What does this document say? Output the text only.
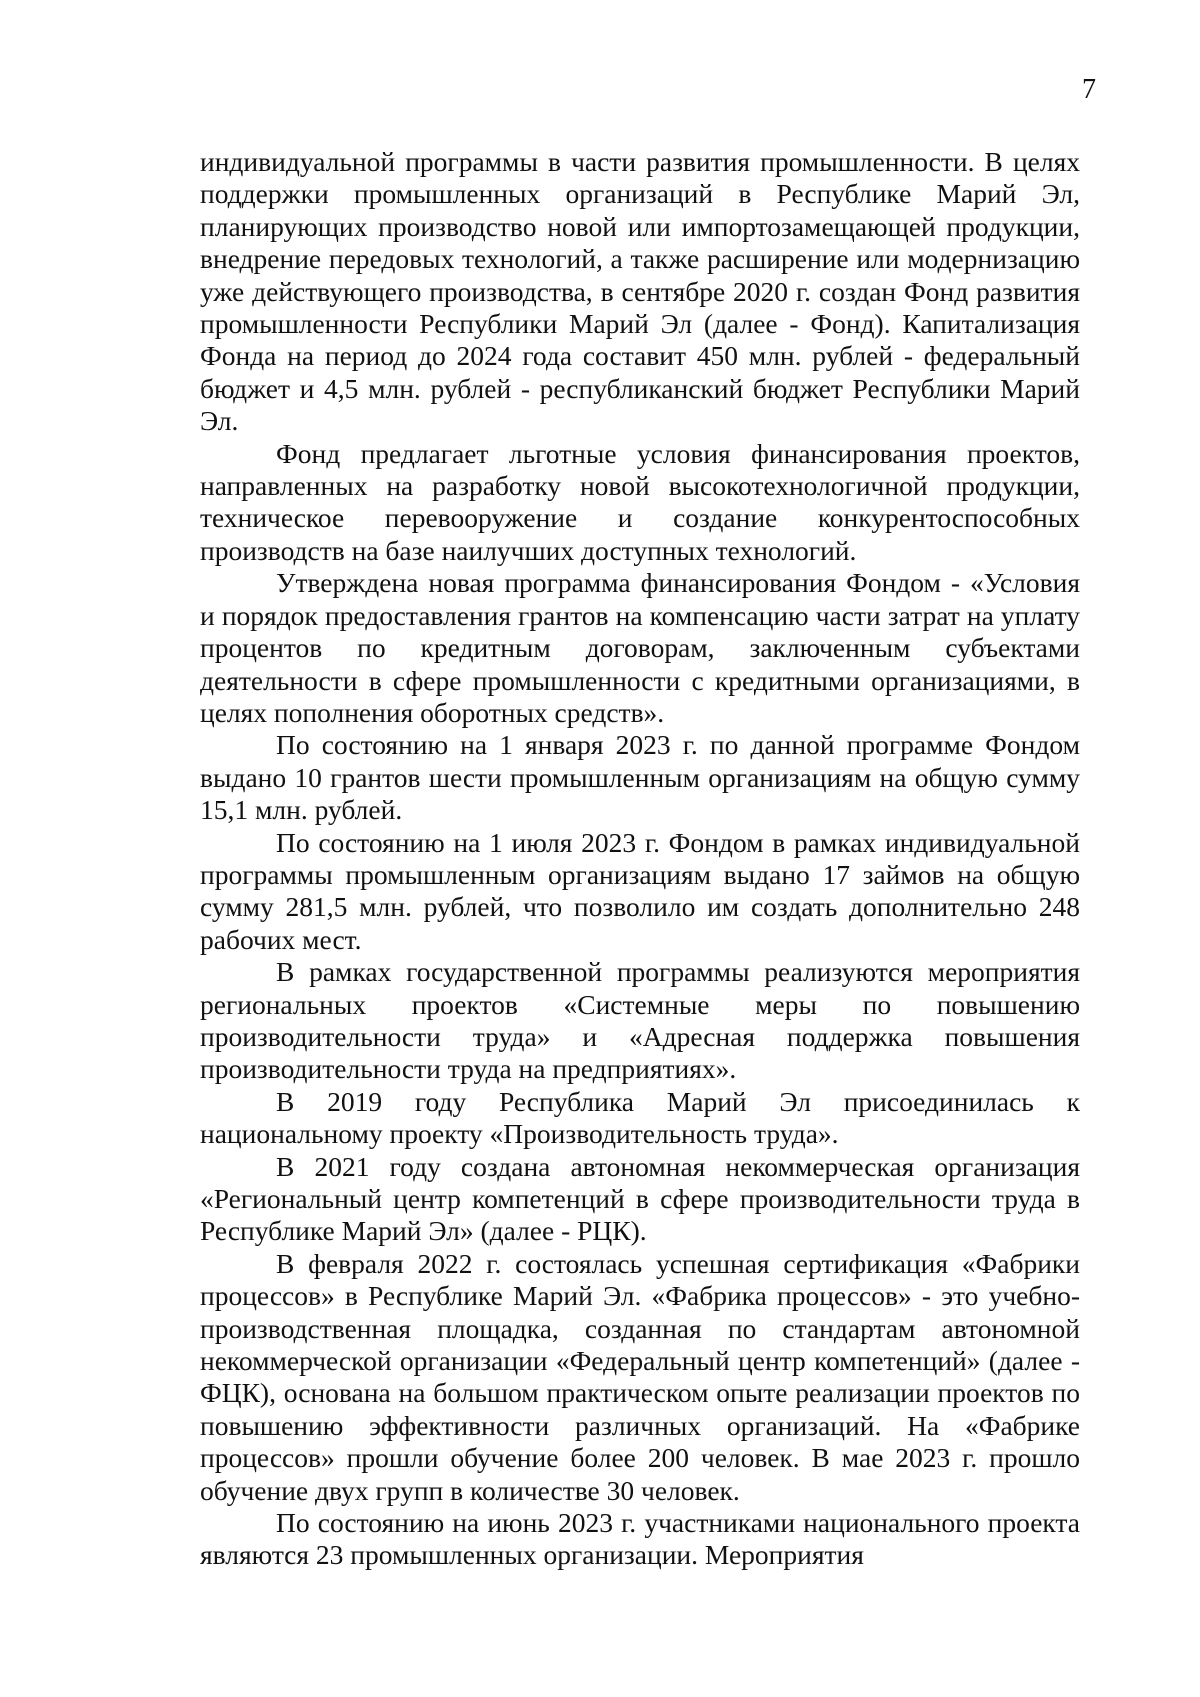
7

индивидуальной программы в части развития промышленности. В целях поддержки промышленных организаций в Республике Марий Эл, планирующих производство новой или импортозамещающей продукции, внедрение передовых технологий, а также расширение или модернизацию уже действующего производства, в сентябре 2020 г. создан Фонд развития промышленности Республики Марий Эл (далее - Фонд). Капитализация Фонда на период до 2024 года составит 450 млн. рублей - федеральный бюджет и 4,5 млн. рублей - республиканский бюджет Республики Марий Эл.

Фонд предлагает льготные условия финансирования проектов, направленных на разработку новой высокотехнологичной продукции, техническое перевооружение и создание конкурентоспособных производств на базе наилучших доступных технологий.

Утверждена новая программа финансирования Фондом - «Условия и порядок предоставления грантов на компенсацию части затрат на уплату процентов по кредитным договорам, заключенным субъектами деятельности в сфере промышленности с кредитными организациями, в целях пополнения оборотных средств».

По состоянию на 1 января 2023 г. по данной программе Фондом выдано 10 грантов шести промышленным организациям на общую сумму 15,1 млн. рублей.

По состоянию на 1 июля 2023 г. Фондом в рамках индивидуальной программы промышленным организациям выдано 17 займов на общую сумму 281,5 млн. рублей, что позволило им создать дополнительно 248 рабочих мест.

В рамках государственной программы реализуются мероприятия региональных проектов «Системные меры по повышению производительности труда» и «Адресная поддержка повышения производительности труда на предприятиях».

В 2019 году Республика Марий Эл присоединилась к национальному проекту «Производительность труда».

В 2021 году создана автономная некоммерческая организация «Региональный центр компетенций в сфере производительности труда в Республике Марий Эл» (далее - РЦК).

В февраля 2022 г. состоялась успешная сертификация «Фабрики процессов» в Республике Марий Эл. «Фабрика процессов» - это учебно-производственная площадка, созданная по стандартам автономной некоммерческой организации «Федеральный центр компетенций» (далее - ФЦК), основана на большом практическом опыте реализации проектов по повышению эффективности различных организаций. На «Фабрике процессов» прошли обучение более 200 человек. В мае 2023 г. прошло обучение двух групп в количестве 30 человек.

По состоянию на июнь 2023 г. участниками национального проекта являются 23 промышленных организации. Мероприятия
